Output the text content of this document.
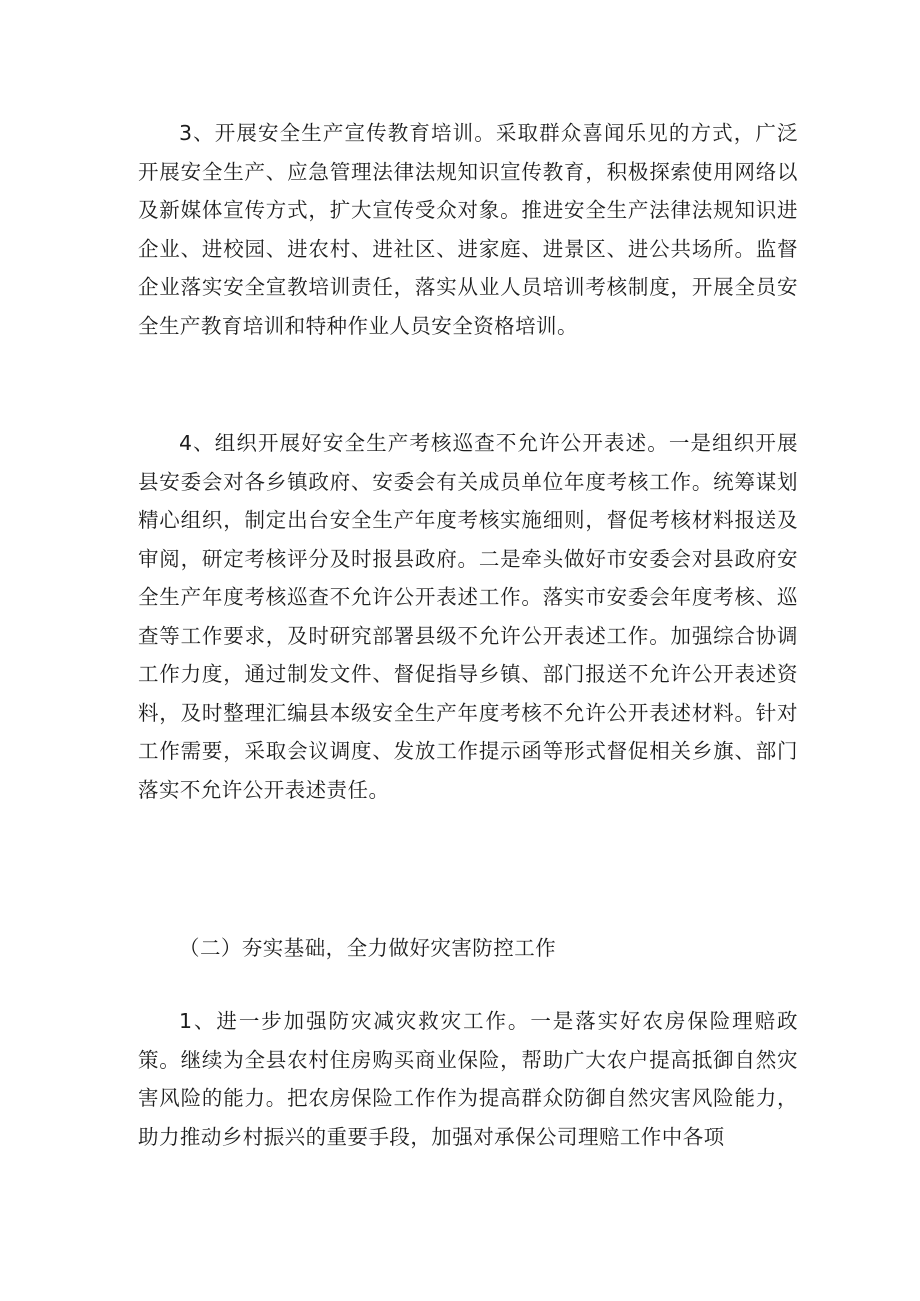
3、开展安全生产宣传教育培训。采取群众喜闻乐见的方式，广泛开展安全生产、应急管理法律法规知识宣传教育，积极探索使用网络以及新媒体宣传方式，扩大宣传受众对象。推进安全生产法律法规知识进企业、进校园、进农村、进社区、进家庭、进景区、进公共场所。监督企业落实安全宣教培训责任，落实从业人员培训考核制度，开展全员安全生产教育培训和特种作业人员安全资格培训。

4、组织开展好安全生产考核巡查不允许公开表述。一是组织开展县安委会对各乡镇政府、安委会有关成员单位年度考核工作。统筹谋划精心组织，制定出台安全生产年度考核实施细则，督促考核材料报送及审阅，研定考核评分及时报县政府。二是牵头做好市安委会对县政府安全生产年度考核巡查不允许公开表述工作。落实市安委会年度考核、巡查等工作要求，及时研究部署县级不允许公开表述工作。加强综合协调工作力度，通过制发文件、督促指导乡镇、部门报送不允许公开表述资料，及时整理汇编县本级安全生产年度考核不允许公开表述材料。针对工作需要，采取会议调度、发放工作提示函等形式督促相关乡旗、部门落实不允许公开表述责任。

（二）夯实基础，全力做好灾害防控工作

1、进一步加强防灾减灾救灾工作。一是落实好农房保险理赔政策。继续为全县农村住房购买商业保险，帮助广大农户提高抵御自然灾害风险的能力。把农房保险工作作为提高群众防御自然灾害风险能力，助力推动乡村振兴的重要手段，加强对承保公司理赔工作中各项
